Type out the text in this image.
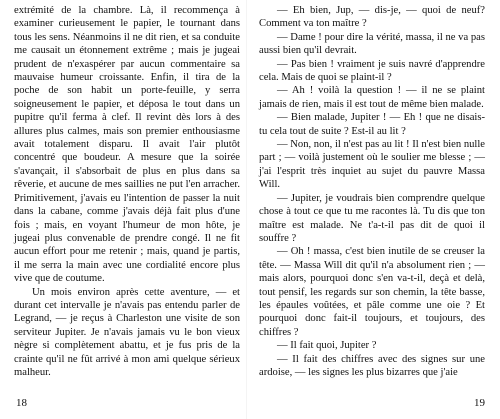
extrémité de la chambre. Là, il recommença à examiner curieusement le papier, le tournant dans tous les sens. Néanmoins il ne dit rien, et sa conduite me causait un étonnement extrême ; mais je jugeai prudent de n'exaspérer par aucun commentaire sa mauvaise humeur croissante. Enfin, il tira de la poche de son habit un porte-feuille, y serra soigneusement le papier, et déposa le tout dans un pupitre qu'il ferma à clef. Il revint dès lors à des allures plus calmes, mais son premier enthousiasme avait totalement disparu. Il avait l'air plutôt concentré que boudeur. A mesure que la soirée s'avançait, il s'absorbait de plus en plus dans sa rêverie, et aucune de mes saillies ne put l'en arracher. Primitivement, j'avais eu l'intention de passer la nuit dans la cabane, comme j'avais déjà fait plus d'une fois ; mais, en voyant l'humeur de mon hôte, je jugeai plus convenable de prendre congé. Il ne fit aucun effort pour me retenir ; mais, quand je partis, il me serra la main avec une cordialité encore plus vive que de coutume.

Un mois environ après cette aventure, — et durant cet intervalle je n'avais pas entendu parler de Legrand, — je reçus à Charleston une visite de son serviteur Jupiter. Je n'avais jamais vu le bon vieux nègre si complètement abattu, et je fus pris de la crainte qu'il ne fût arrivé à mon ami quelque sérieux malheur.

18

— Eh bien, Jup, — dis-je, — quoi de neuf? Comment va ton maître ?

— Dame ! pour dire la vérité, massa, il ne va pas aussi bien qu'il devrait.

— Pas bien ! vraiment je suis navré d'apprendre cela. Mais de quoi se plaint-il ?

— Ah ! voilà la question ! — il ne se plaint jamais de rien, mais il est tout de même bien malade.

— Bien malade, Jupiter ! — Eh ! que ne disais-tu cela tout de suite ? Est-il au lit ?

— Non, non, il n'est pas au lit ! Il n'est bien nulle part ; — voilà justement où le soulier me blesse ; — j'ai l'esprit très inquiet au sujet du pauvre Massa Will.

— Jupiter, je voudrais bien comprendre quelque chose à tout ce que tu me racontes là. Tu dis que ton maître est malade. Ne t'a-t-il pas dit de quoi il souffre ?

— Oh ! massa, c'est bien inutile de se creuser la tête. — Massa Will dit qu'il n'a absolument rien ; — mais alors, pourquoi donc s'en va-t-il, deçà et delà, tout pensif, les regards sur son chemin, la tête basse, les épaules voûtées, et pâle comme une oie ? Et pourquoi donc fait-il toujours, et toujours, des chiffres ?

— Il fait quoi, Jupiter ?

— Il fait des chiffres avec des signes sur une ardoise, — les signes les plus bizarres que j'aie

19
